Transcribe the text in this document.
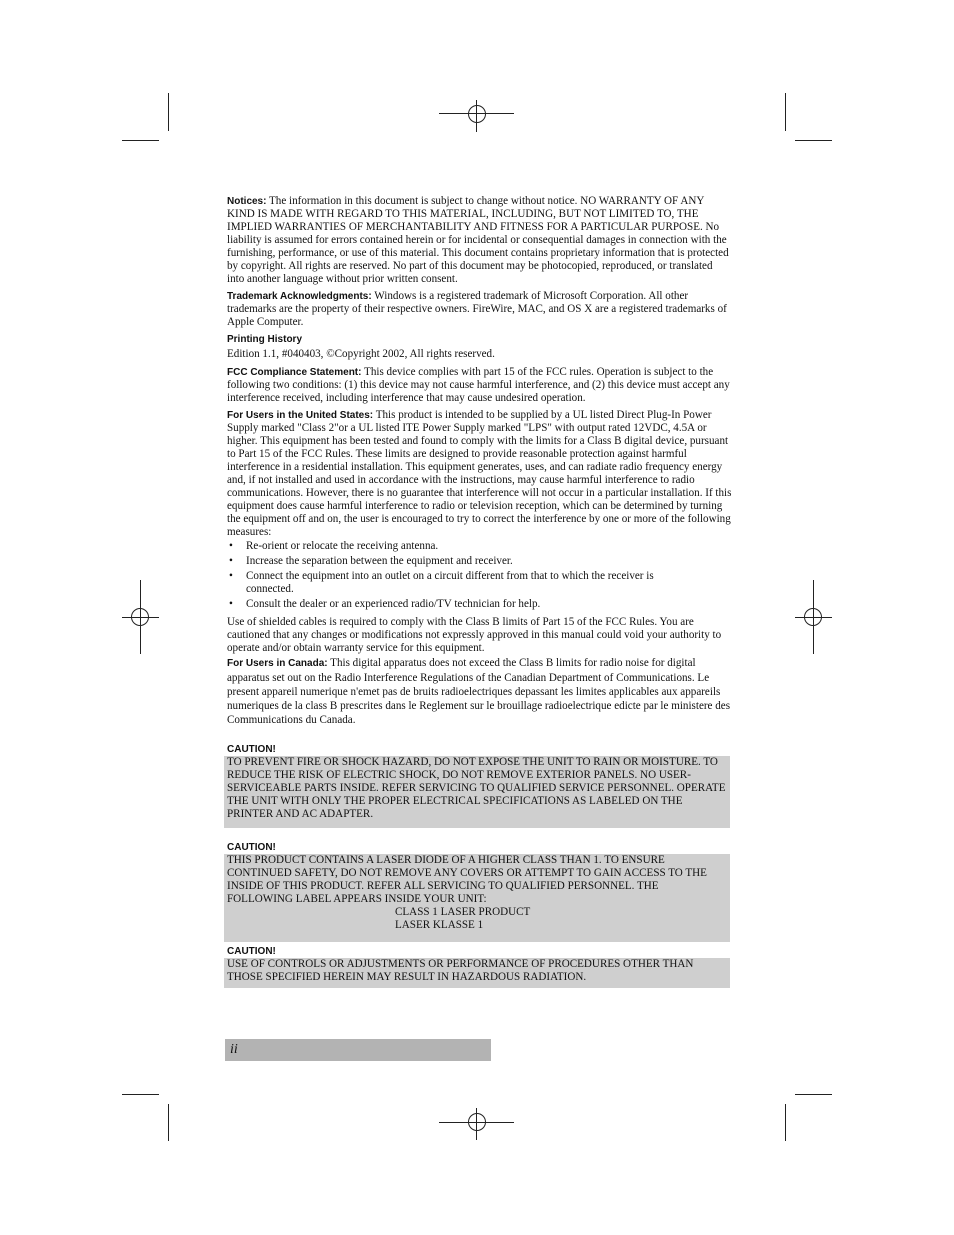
Notices: The information in this document is subject to change without notice. NO WARRANTY OF ANY KIND IS MADE WITH REGARD TO THIS MATERIAL, INCLUDING, BUT NOT LIMITED TO, THE IMPLIED WARRANTIES OF MERCHANTABILITY AND FITNESS FOR A PARTICULAR PURPOSE. No liability is assumed for errors contained herein or for incidental or consequential damages in connection with the furnishing, performance, or use of this material. This document contains proprietary information that is protected by copyright. All rights are reserved. No part of this document may be photocopied, reproduced, or translated into another language without prior written consent.

Trademark Acknowledgments: Windows is a registered trademark of Microsoft Corporation. All other trademarks are the property of their respective owners. FireWire, MAC, and OS X are a registered trademarks of Apple Computer.

Printing History

Edition 1.1, #040403, ©Copyright 2002, All rights reserved.

FCC Compliance Statement: This device complies with part 15 of the FCC rules. Operation is subject to the following two conditions: (1) this device may not cause harmful interference, and (2) this device must accept any interference received, including interference that may cause undesired operation.

For Users in the United States: This product is intended to be supplied by a UL listed Direct Plug-In Power Supply marked "Class 2"or a UL listed ITE Power Supply marked "LPS" with output rated 12VDC, 4.5A or higher. This equipment has been tested and found to comply with the limits for a Class B digital device, pursuant to Part 15 of the FCC Rules. These limits are designed to provide reasonable protection against harmful interference in a residential installation. This equipment generates, uses, and can radiate radio frequency energy and, if not installed and used in accordance with the instructions, may cause harmful interference to radio communications. However, there is no guarantee that interference will not occur in a particular installation. If this equipment does cause harmful interference to radio or television reception, which can be determined by turning the equipment off and on, the user is encouraged to try to correct the interference by one or more of the following measures:

• Re-orient or relocate the receiving antenna.
• Increase the separation between the equipment and receiver.
• Connect the equipment into an outlet on a circuit different from that to which the receiver is connected.
• Consult the dealer or an experienced radio/TV technician for help.

Use of shielded cables is required to comply with the Class B limits of Part 15 of the FCC Rules. You are cautioned that any changes or modifications not expressly approved in this manual could void your authority to operate and/or obtain warranty service for this equipment.

For Users in Canada: This digital apparatus does not exceed the Class B limits for radio noise for digital apparatus set out on the Radio Interference Regulations of the Canadian Department of Communications. Le present appareil numerique n'emet pas de bruits radioelectriques depassant les limites applicables aux appareils numeriques de la class B prescrites dans le Reglement sur le brouillage radioelectrique edicte par le ministere des Communications du Canada.

CAUTION!
TO PREVENT FIRE OR SHOCK HAZARD, DO NOT EXPOSE THE UNIT TO RAIN OR MOISTURE. TO REDUCE THE RISK OF ELECTRIC SHOCK, DO NOT REMOVE EXTERIOR PANELS. NO USER-SERVICEABLE PARTS INSIDE. REFER SERVICING TO QUALIFIED SERVICE PERSONNEL. OPERATE THE UNIT WITH ONLY THE PROPER ELECTRICAL SPECIFICATIONS AS LABELED ON THE PRINTER AND AC ADAPTER.
CAUTION!
THIS PRODUCT CONTAINS A LASER DIODE OF A HIGHER CLASS THAN 1. TO ENSURE CONTINUED SAFETY, DO NOT REMOVE ANY COVERS OR ATTEMPT TO GAIN ACCESS TO THE INSIDE OF THIS PRODUCT. REFER ALL SERVICING TO QUALIFIED PERSONNEL. THE FOLLOWING LABEL APPEARS INSIDE YOUR UNIT:
CLASS 1 LASER PRODUCT
LASER KLASSE 1
CAUTION!
USE OF CONTROLS OR ADJUSTMENTS OR PERFORMANCE OF PROCEDURES OTHER THAN THOSE SPECIFIED HEREIN MAY RESULT IN HAZARDOUS RADIATION.
ii
